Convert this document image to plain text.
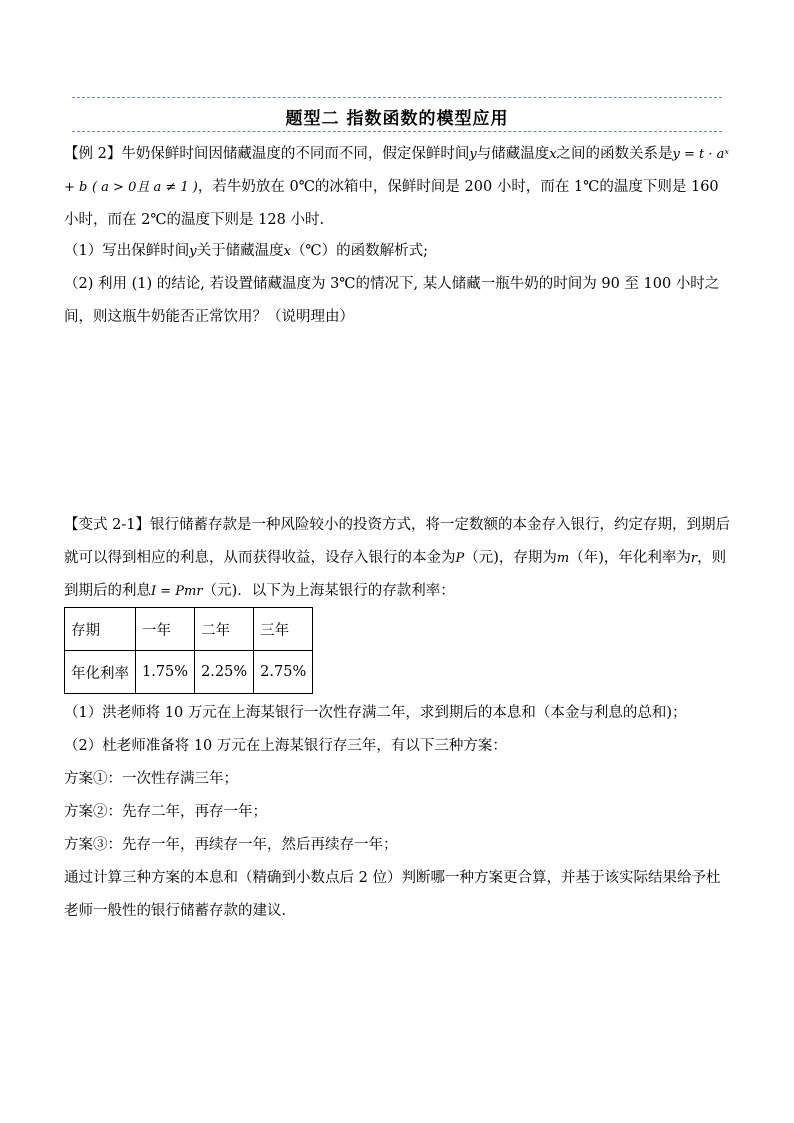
题型二 指数函数的模型应用
【例 2】牛奶保鲜时间因储藏温度的不同而不同，假定保鲜时间y与储藏温度x之间的函数关系是y = t · aˣ + b ( a > 0且 a ≠ 1 )，若牛奶放在 0℃的冰箱中，保鲜时间是 200 小时，而在 1℃的温度下则是 160 小时，而在 2℃的温度下则是 128 小时.
（1）写出保鲜时间y关于储藏温度x（℃）的函数解析式;
（2) 利用 (1) 的结论, 若设置储藏温度为 3℃的情况下, 某人储藏一瓶牛奶的时间为 90 至 100 小时之间，则这瓶牛奶能否正常饮用？（说明理由）
【变式 2-1】银行储蓄存款是一种风险较小的投资方式，将一定数额的本金存入银行，约定存期，到期后就可以得到相应的利息，从而获得收益，设存入银行的本金为P（元)，存期为m（年)，年化利率为r，则到期后的利息I = Pmr（元)．以下为上海某银行的存款利率：
存期	一年	二年	三年
年化利率	1.75%	2.25%	2.75%
（1）洪老师将 10 万元在上海某银行一次性存满二年，求到期后的本息和（本金与利息的总和)；
（2）杜老师准备将 10 万元在上海某银行存三年，有以下三种方案：
方案①：一次性存满三年；
方案②：先存二年，再存一年；
方案③：先存一年，再续存一年，然后再续存一年；
通过计算三种方案的本息和（精确到小数点后 2 位）判断哪一种方案更合算，并基于该实际结果给予杜老师一般性的银行储蓄存款的建议．
